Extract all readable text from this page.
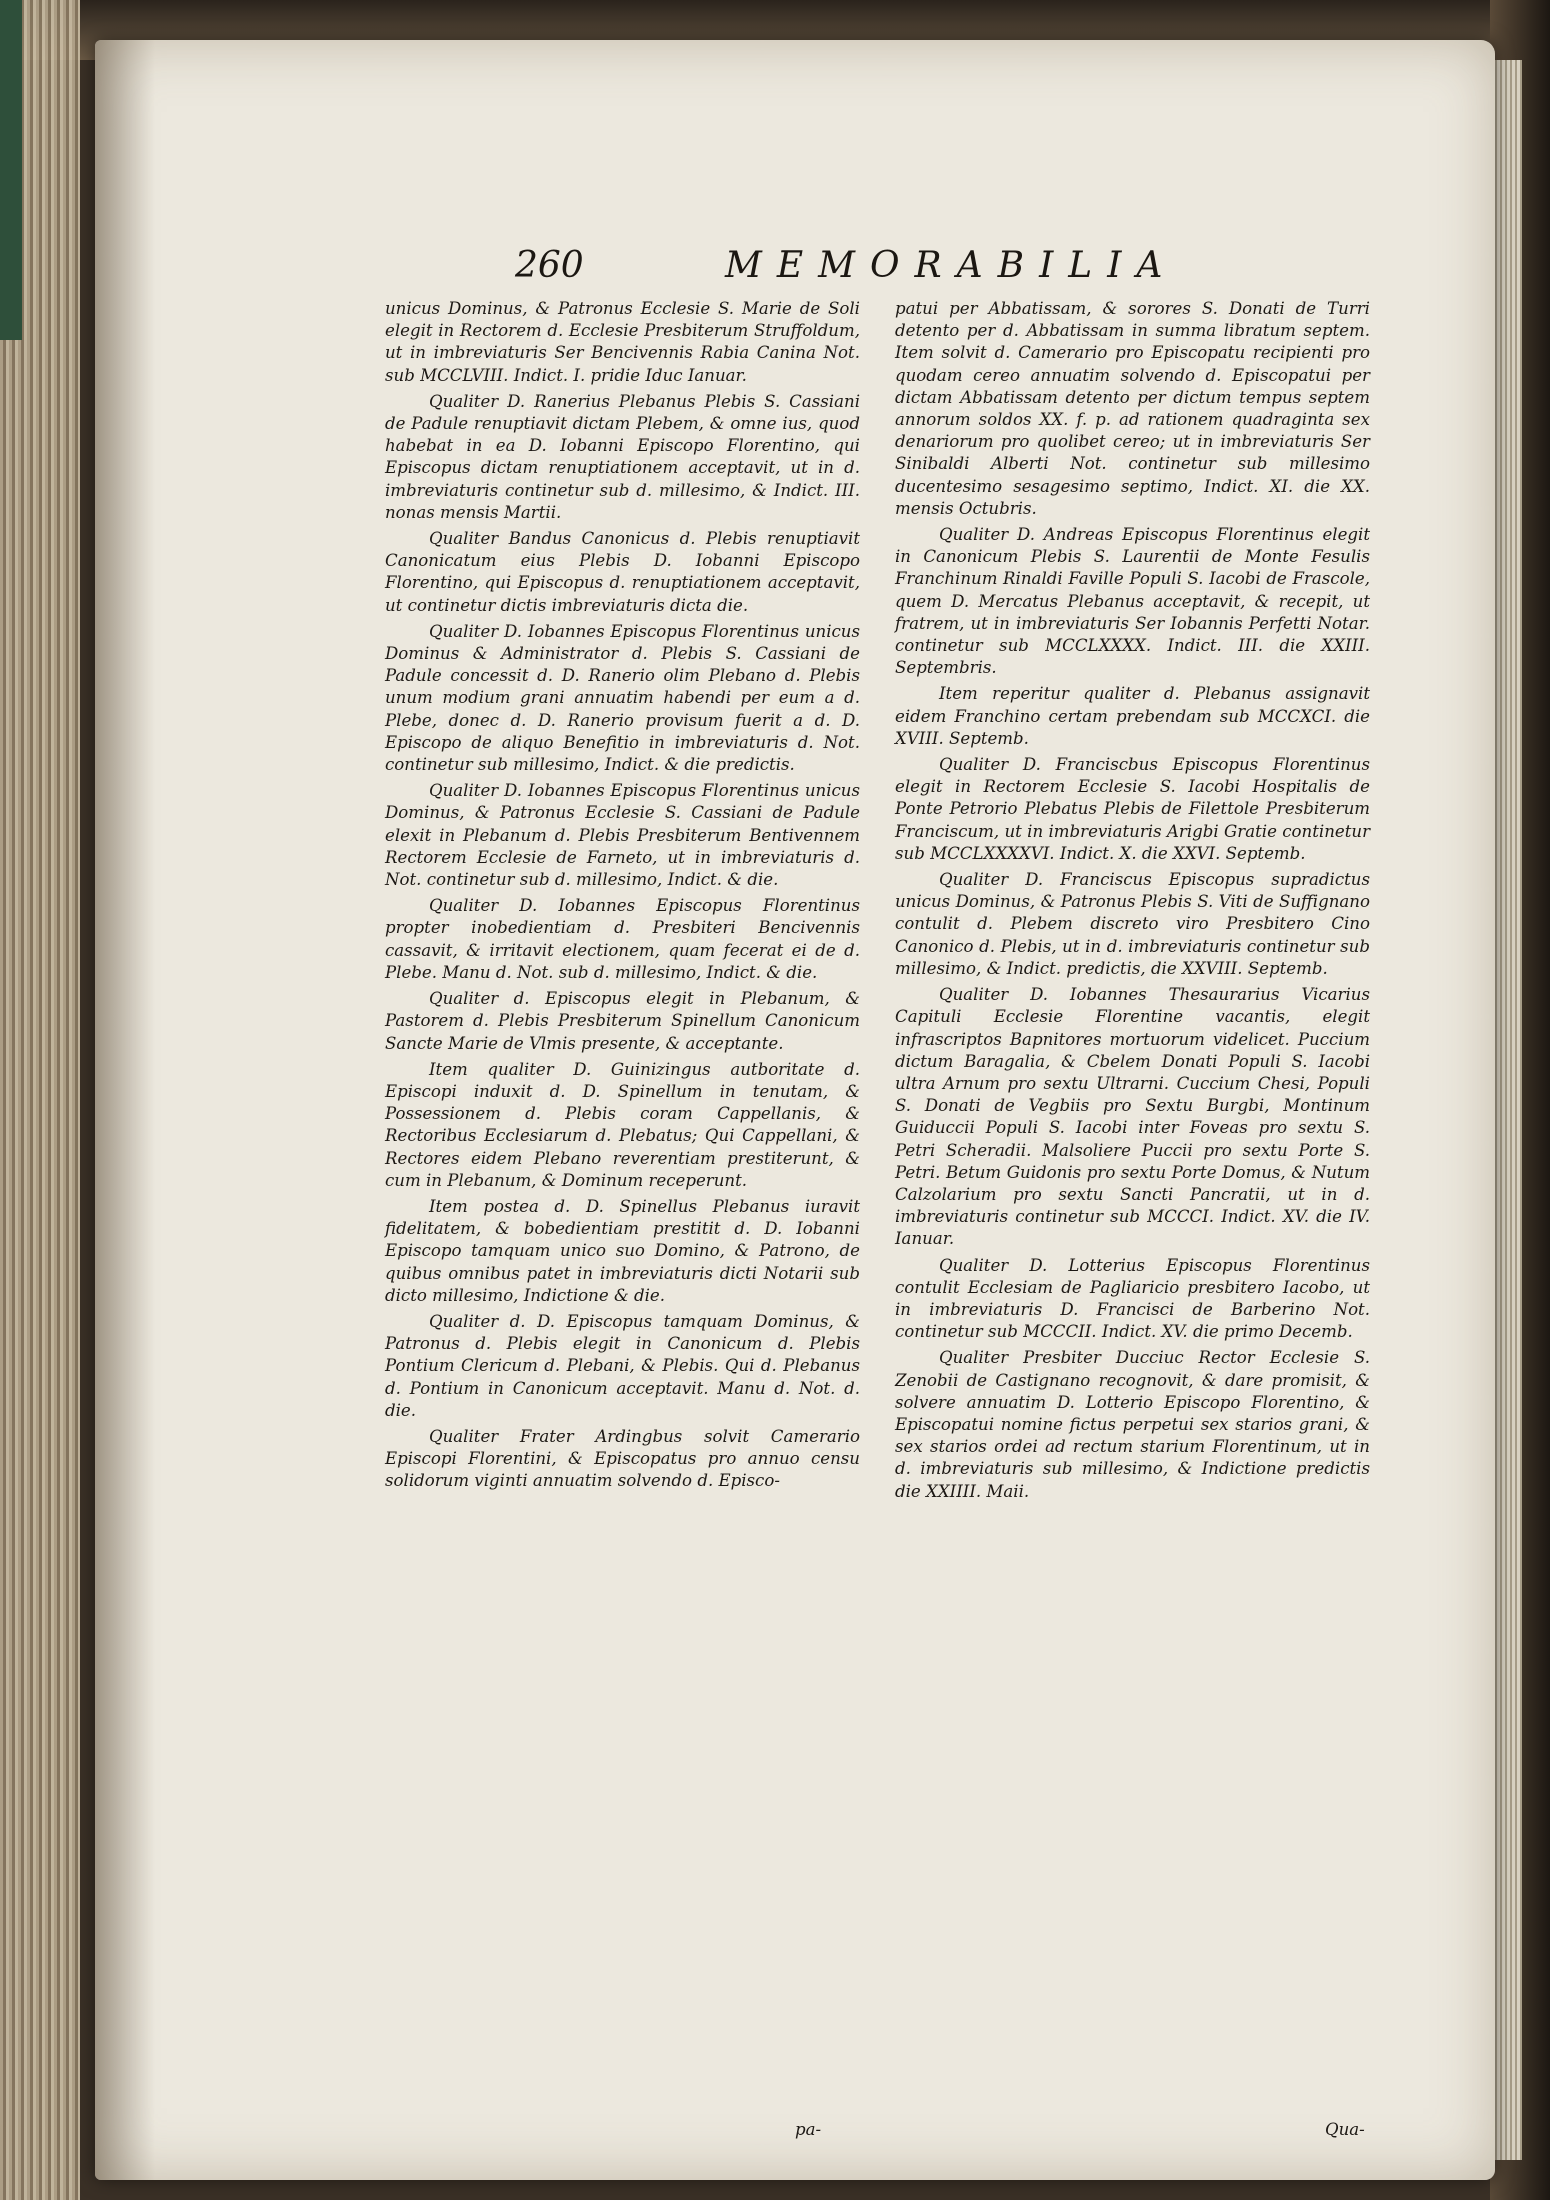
260	MEMORABILIA

unicus Dominus, & Patronus Ecclesie S. Marie de Soli elegit in Rectorem d. Ecclesie Presbiterum Struffoldum, ut in imbreviaturis Ser Bencivennis Rabia Canina Not. sub MCCLVIII. Indict. I. pridie Iduc Ianuar.

Qualiter D. Ranerius Plebanus Plebis S. Cassiani de Padule renuptiavit dictam Plebem, & omne ius, quod habebat in ea D. Iobanni Episcopo Florentino, qui Episcopus dictam renuptiationem acceptavit, ut in d. imbreviaturis continetur sub d. millesimo, & Indict. III. nonas mensis Martii.

Qualiter Bandus Canonicus d. Plebis renuptiavit Canonicatum eius Plebis D. Iobanni Episcopo Florentino, qui Episcopus d. renuptiationem acceptavit, ut continetur dictis imbreviaturis dicta die.

Qualiter D. Iobannes Episcopus Florentinus unicus Dominus & Administrator d. Plebis S. Cassiani de Padule concessit d. D. Ranerio olim Plebano d. Plebis unum modium grani annuatim habendi per eum a d. Plebe, donec d. D. Ranerio provisum fuerit a d. D. Episcopo de aliquo Benefitio in imbreviaturis d. Not. continetur sub millesimo, Indict. & die predictis.

Qualiter D. Iobannes Episcopus Florentinus unicus Dominus, & Patronus Ecclesie S. Cassiani de Padule elexit in Plebanum d. Plebis Presbiterum Bentivennem Rectorem Ecclesie de Farneto, ut in imbreviaturis d. Not. continetur sub d. millesimo, Indict. & die.

Qualiter D. Iobannes Episcopus Florentinus propter inobedientiam d. Presbiteri Bencivennis cassavit, & irritavit electionem, quam fecerat ei de d. Plebe. Manu d. Not. sub d. millesimo, Indict. & die.

Qualiter d. Episcopus elegit in Plebanum, & Pastorem d. Plebis Presbiterum Spinellum Canonicum Sancte Marie de Vlmis presente, & acceptante.

Item qualiter D. Guinizingus autboritate d. Episcopi induxit d. D. Spinellum in tenutam, & Possessionem d. Plebis coram Cappellanis, & Rectoribus Ecclesiarum d. Plebatus; Qui Cappellani, & Rectores eidem Plebano reverentiam prestiterunt, & cum in Plebanum, & Dominum receperunt.

Item postea d. D. Spinellus Plebanus iuravit fidelitatem, & bobedientiam prestitit d. D. Iobanni Episcopo tamquam unico suo Domino, & Patrono, de quibus omnibus patet in imbreviaturis dicti Notarii sub dicto millesimo, Indictione & die.

Qualiter d. D. Episcopus tamquam Dominus, & Patronus d. Plebis elegit in Canonicum d. Plebis Pontium Clericum d. Plebani, & Plebis. Qui d. Plebanus d. Pontium in Canonicum acceptavit. Manu d. Not. d. die.

Qualiter Frater Ardingbus solvit Camerario Episcopi Florentini, & Episcopatus pro annuo censu solidorum viginti annuatim solvendo d. Episco-

pa-

patui per Abbatissam, & sorores S. Donati de Turri detento per d. Abbatissam in summa libratum septem. Item solvit d. Camerario pro Episcopatu recipienti pro quodam cereo annuatim solvendo d. Episcopatui per dictam Abbatissam detento per dictum tempus septem annorum soldos XX. f. p. ad rationem quadraginta sex denariorum pro quolibet cereo; ut in imbreviaturis Ser Sinibaldi Alberti Not. continetur sub millesimo ducentesimo sesagesimo septimo, Indict. XI. die XX. mensis Octubris.

Qualiter D. Andreas Episcopus Florentinus elegit in Canonicum Plebis S. Laurentii de Monte Fesulis Franchinum Rinaldi Faville Populi S. Iacobi de Frascole, quem D. Mercatus Plebanus acceptavit, & recepit, ut fratrem, ut in imbreviaturis Ser Iobannis Perfetti Notar. continetur sub MCCLXXXX. Indict. III. die XXIII. Septembris.

Item reperitur qualiter d. Plebanus assignavit eidem Franchino certam prebendam sub MCCXCI. die XVIII. Septemb.

Qualiter D. Franciscbus Episcopus Florentinus elegit in Rectorem Ecclesie S. Iacobi Hospitalis de Ponte Petrorio Plebatus Plebis de Filettole Presbiterum Franciscum, ut in imbreviaturis Arigbi Gratie continetur sub MCCLXXXXVI. Indict. X. die XXVI. Septemb.

Qualiter D. Franciscus Episcopus supradictus unicus Dominus, & Patronus Plebis S. Viti de Suffignano contulit d. Plebem discreto viro Presbitero Cino Canonico d. Plebis, ut in d. imbreviaturis continetur sub millesimo, & Indict. predictis, die XXVIII. Septemb.

Qualiter D. Iobannes Thesaurarius Vicarius Capituli Ecclesie Florentine vacantis, elegit infrascriptos Bapnitores mortuorum videlicet. Puccium dictum Baragalia, & Cbelem Donati Populi S. Iacobi ultra Arnum pro sextu Ultrarni. Cuccium Chesi, Populi S. Donati de Vegbiis pro Sextu Burgbi, Montinum Guiduccii Populi S. Iacobi inter Foveas pro sextu S. Petri Scheradii. Malsoliere Puccii pro sextu Porte S. Petri. Betum Guidonis pro sextu Porte Domus, & Nutum Calzolarium pro sextu Sancti Pancratii, ut in d. imbreviaturis continetur sub MCCCI. Indict. XV. die IV. Ianuar.

Qualiter D. Lotterius Episcopus Florentinus contulit Ecclesiam de Pagliaricio presbitero Iacobo, ut in imbreviaturis D. Francisci de Barberino Not. continetur sub MCCCII. Indict. XV. die primo Decemb.

Qualiter Presbiter Ducciuc Rector Ecclesie S. Zenobii de Castignano recognovit, & dare promisit, & solvere annuatim D. Lotterio Episcopo Florentino, & Episcopatui nomine fictus perpetui sex starios grani, & sex starios ordei ad rectum starium Florentinum, ut in d. imbreviaturis sub millesimo, & Indictione predictis die XXIIII. Maii.

Qua-
